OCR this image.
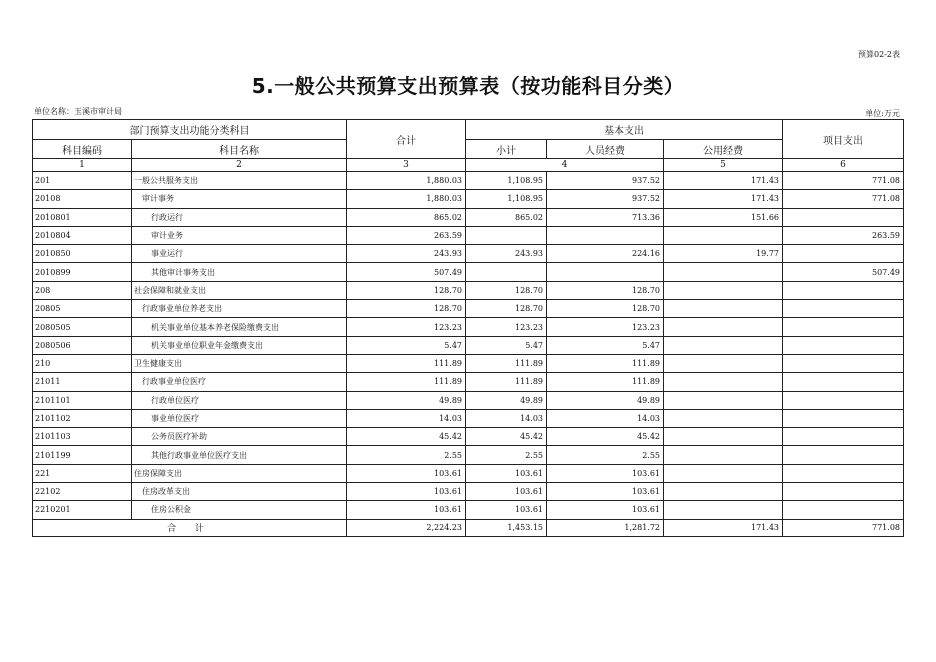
预算02-2表
5.一般公共预算支出预算表（按功能科目分类）
单位名称：玉溪市审计局	单位:万元
部门预算支出功能分类科目		合计	基本支出			项目支出
科目编码	科目名称		小计	人员经费	公用经费	
1	2	3	4		5	6
201	一般公共服务支出	1,880.03	1,108.95	937.52	171.43	771.08
20108	审计事务	1,880.03	1,108.95	937.52	171.43	771.08
2010801	行政运行	865.02	865.02	713.36	151.66	
2010804	审计业务	263.59				263.59
2010850	事业运行	243.93	243.93	224.16	19.77	
2010899	其他审计事务支出	507.49				507.49
208	社会保障和就业支出	128.70	128.70	128.70		
20805	行政事业单位养老支出	128.70	128.70	128.70		
2080505	机关事业单位基本养老保险缴费支出	123.23	123.23	123.23		
2080506	机关事业单位职业年金缴费支出	5.47	5.47	5.47		
210	卫生健康支出	111.89	111.89	111.89		
21011	行政事业单位医疗	111.89	111.89	111.89		
2101101	行政单位医疗	49.89	49.89	49.89		
2101102	事业单位医疗	14.03	14.03	14.03		
2101103	公务员医疗补助	45.42	45.42	45.42		
2101199	其他行政事业单位医疗支出	2.55	2.55	2.55		
221	住房保障支出	103.61	103.61	103.61		
22102	住房改革支出	103.61	103.61	103.61		
2210201	住房公积金	103.61	103.61	103.61		
合 计		2,224.23	1,453.15	1,281.72	171.43	771.08
